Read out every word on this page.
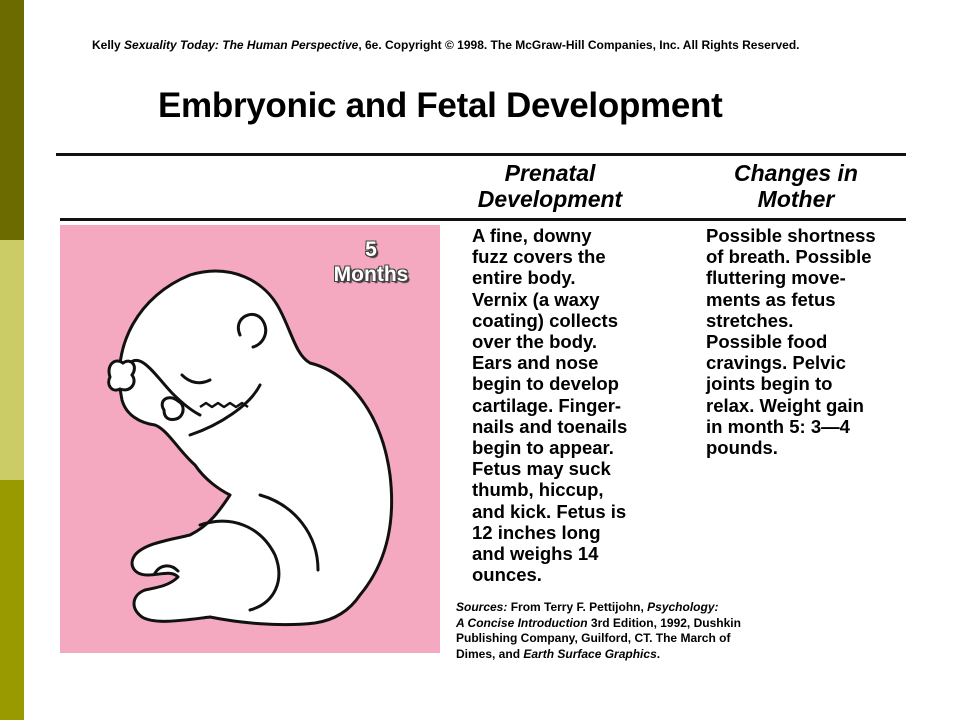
Kelly Sexuality Today: The Human Perspective, 6e. Copyright © 1998. The McGraw-Hill Companies, Inc. All Rights Reserved.
Embryonic and Fetal Development
Prenatal
Development
Changes in
Mother
5
Months
A fine, downy
fuzz covers the
entire body.
Vernix (a waxy
coating) collects
over the body.
Ears and nose
begin to develop
cartilage. Finger-
nails and toenails
begin to appear.
Fetus may suck
thumb, hiccup,
and kick. Fetus is
12 inches long
and weighs 14
ounces.
Possible shortness
of breath. Possible
fluttering move-
ments as fetus
stretches.
Possible food
cravings. Pelvic
joints begin to
relax. Weight gain
in month 5: 3—4
pounds.
Sources: From Terry F. Pettijohn, Psychology:
A Concise Introduction 3rd Edition, 1992, Dushkin
Publishing Company, Guilford, CT. The March of
Dimes, and Earth Surface Graphics.
